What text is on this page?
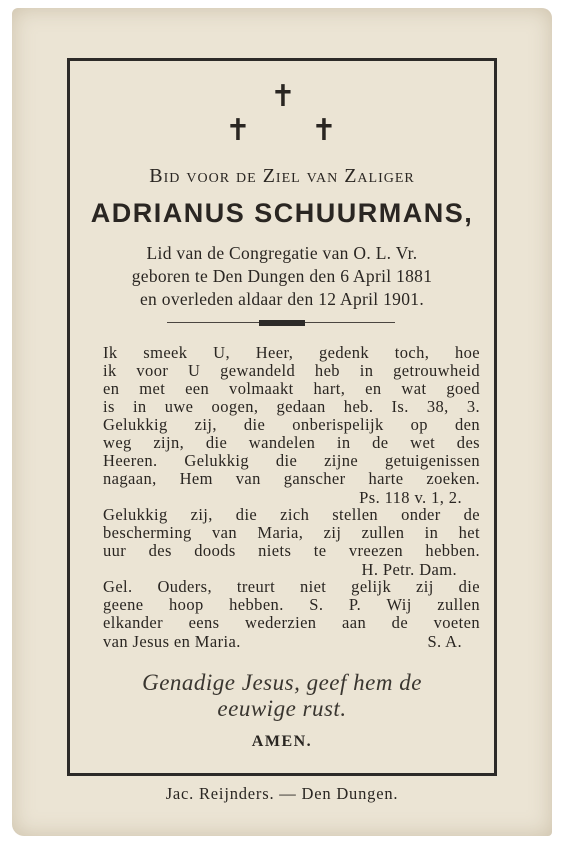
✝
✝ ✝
Bid voor de Ziel van Zaliger
ADRIANUS SCHUURMANS,
Lid van de Congregatie van O. L. Vr.
geboren te Den Dungen den 6 April 1881
en overleden aldaar den 12 April 1901.
Ik smeek U, Heer, gedenk toch, hoe
ik voor U gewandeld heb in getrouwheid
en met een volmaakt hart, en wat goed
is in uwe oogen, gedaan heb. Is. 38, 3.
Gelukkig zij, die onberispelijk op den
weg zijn, die wandelen in de wet des
Heeren. Gelukkig die zijne getuigenissen
nagaan, Hem van ganscher harte zoeken.
Ps. 118 v. 1, 2.
Gelukkig zij, die zich stellen onder de
bescherming van Maria, zij zullen in het
uur des doods niets te vreezen hebben.
H. Petr. Dam.
Gel. Ouders, treurt niet gelijk zij die
geene hoop hebben. S. P. Wij zullen
elkander eens wederzien aan de voeten
van Jesus en Maria.	S. A.
Genadige Jesus, geef hem de
eeuwige rust.
AMEN.
Jac. Reijnders. — Den Dungen.
